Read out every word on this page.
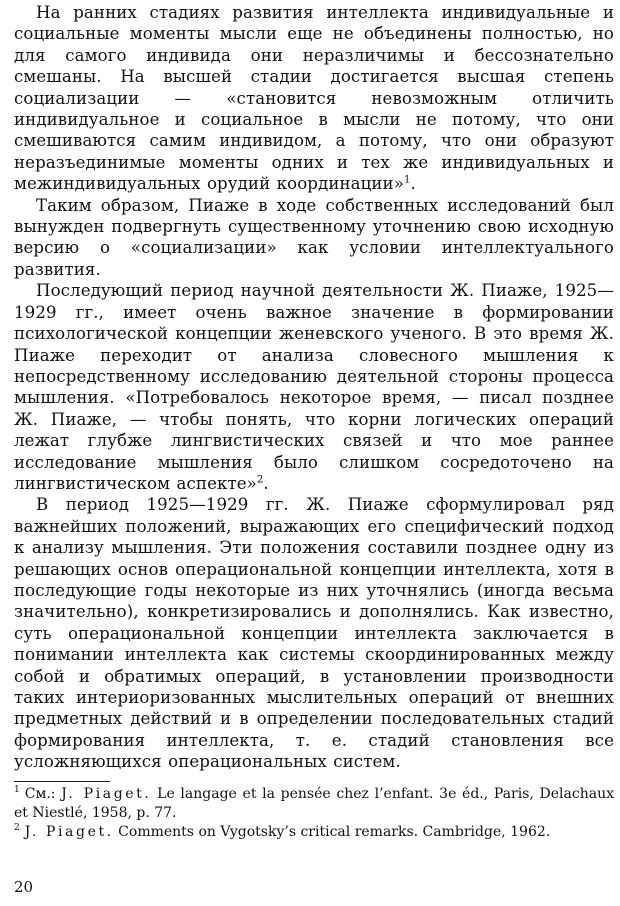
На ранних стадиях развития интеллекта индивидуальные и социальные моменты мысли еще не объединены полностью, но для самого индивида они неразличимы и бессознательно смешаны. На высшей стадии достигается высшая степень социализации — «становится невозможным отличить индивидуальное и социальное в мысли не потому, что они смешиваются самим индивидом, а потому, что они образуют неразъединимые моменты одних и тех же индивидуальных и межиндивидуальных орудий координации»$^1$.

Таким образом, Пиаже в ходе собственных исследований был вынужден подвергнуть существенному уточнению свою исходную версию о «социализации» как условии интеллектуального развития.

Последующий период научной деятельности Ж. Пиаже, 1925—1929 гг., имеет очень важное значение в формировании психологической концепции женевского ученого. В это время Ж. Пиаже переходит от анализа словесного мышления к непосредственному исследованию деятельной стороны процесса мышления. «Потребовалось некоторое время, — писал позднее Ж. Пиаже, — чтобы понять, что корни логических операций лежат глубже лингвистических связей и что мое раннее исследование мышления было слишком сосредоточено на лингвистическом аспекте»$^2$.

В период 1925—1929 гг. Ж. Пиаже сформулировал ряд важнейших положений, выражающих его специфический подход к анализу мышления. Эти положения составили позднее одну из решающих основ операциональной концепции интеллекта, хотя в последующие годы некоторые из них уточнялись (иногда весьма значительно), конкретизировались и дополнялись. Как известно, суть операциональной концепции интеллекта заключается в понимании интеллекта как системы скоординированных между собой и обратимых операций, в установлении производности таких интериоризованных мыслительных операций от внешних предметных действий и в определении последовательных стадий формирования интеллекта, т. е. стадий становления все усложняющихся операциональных систем.

$^1$ См.: J. Piaget. Le langage et la pensée chez l’enfant. 3e éd., Paris, Delachaux et Niestlé, 1958, p. 77.

$^2$ J. Piaget. Comments on Vygotsky’s critical remarks. Cambridge, 1962.

20
